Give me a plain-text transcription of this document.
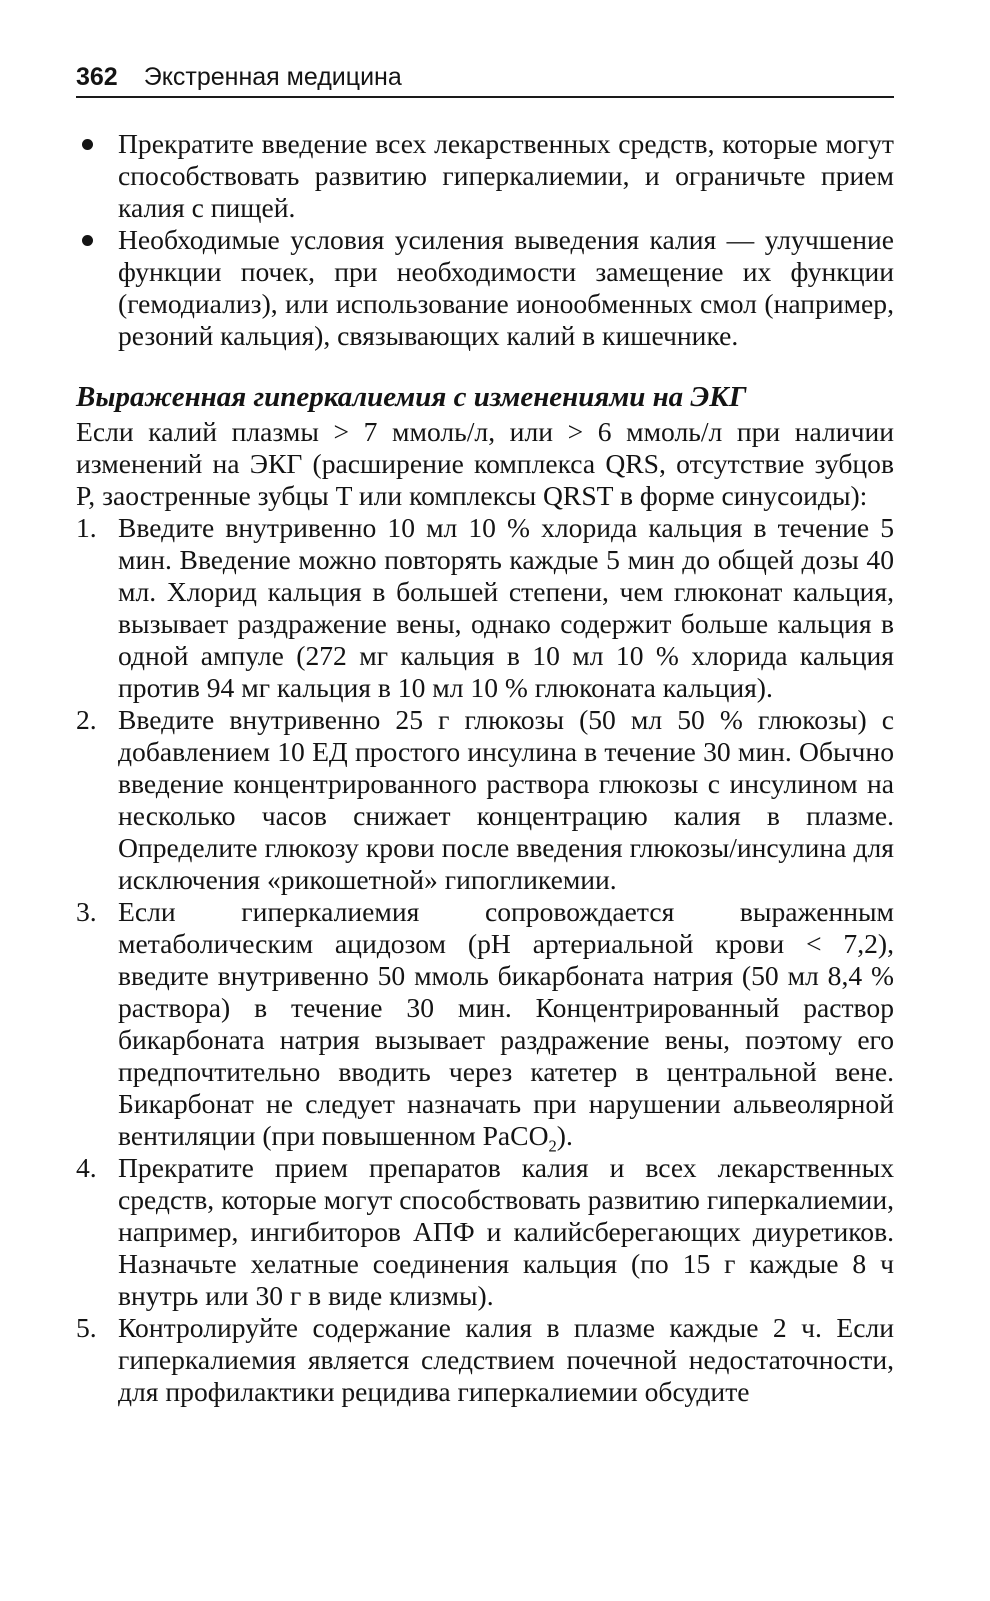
362 Экстренная медицина
Прекратите введение всех лекарственных средств, которые могут способствовать развитию гиперкалиемии, и ограничьте прием калия с пищей.
Необходимые условия усиления выведения калия — улучшение функции почек, при необходимости замещение их функции (гемодиализ), или использование ионообменных смол (например, резоний кальция), связывающих калий в кишечнике.
Выраженная гиперкалиемия с изменениями на ЭКГ

Если калий плазмы > 7 ммоль/л, или > 6 ммоль/л при наличии изменений на ЭКГ (расширение комплекса QRS, отсутствие зубцов P, заостренные зубцы T или комплексы QRST в форме синусоиды):

1. Введите внутривенно 10 мл 10 % хлорида кальция в течение 5 мин. Введение можно повторять каждые 5 мин до общей дозы 40 мл. Хлорид кальция в большей степени, чем глюконат кальция, вызывает раздражение вены, однако содержит больше кальция в одной ампуле (272 мг кальция в 10 мл 10 % хлорида кальция против 94 мг кальция в 10 мл 10 % глюконата кальция).
2. Введите внутривенно 25 г глюкозы (50 мл 50 % глюкозы) с добавлением 10 ЕД простого инсулина в течение 30 мин. Обычно введение концентрированного раствора глюкозы с инсулином на несколько часов снижает концентрацию калия в плазме. Определите глюкозу крови после введения глюкозы/инсулина для исключения «рикошетной» гипогликемии.
3. Если гиперкалиемия сопровождается выраженным метаболическим ацидозом (pH артериальной крови < 7,2), введите внутривенно 50 ммоль бикарбоната натрия (50 мл 8,4 % раствора) в течение 30 мин. Концентрированный раствор бикарбоната натрия вызывает раздражение вены, поэтому его предпочтительно вводить через катетер в центральной вене. Бикарбонат не следует назначать при нарушении альвеолярной вентиляции (при повышенном PaCO$_2$).
4. Прекратите прием препаратов калия и всех лекарственных средств, которые могут способствовать развитию гиперкалиемии, например, ингибиторов АПФ и калийсберегающих диуретиков. Назначьте хелатные соединения кальция (по 15 г каждые 8 ч внутрь или 30 г в виде клизмы).
5. Контролируйте содержание калия в плазме каждые 2 ч. Если гиперкалиемия является следствием почечной недостаточности, для профилактики рецидива гиперкалиемии обсудите
